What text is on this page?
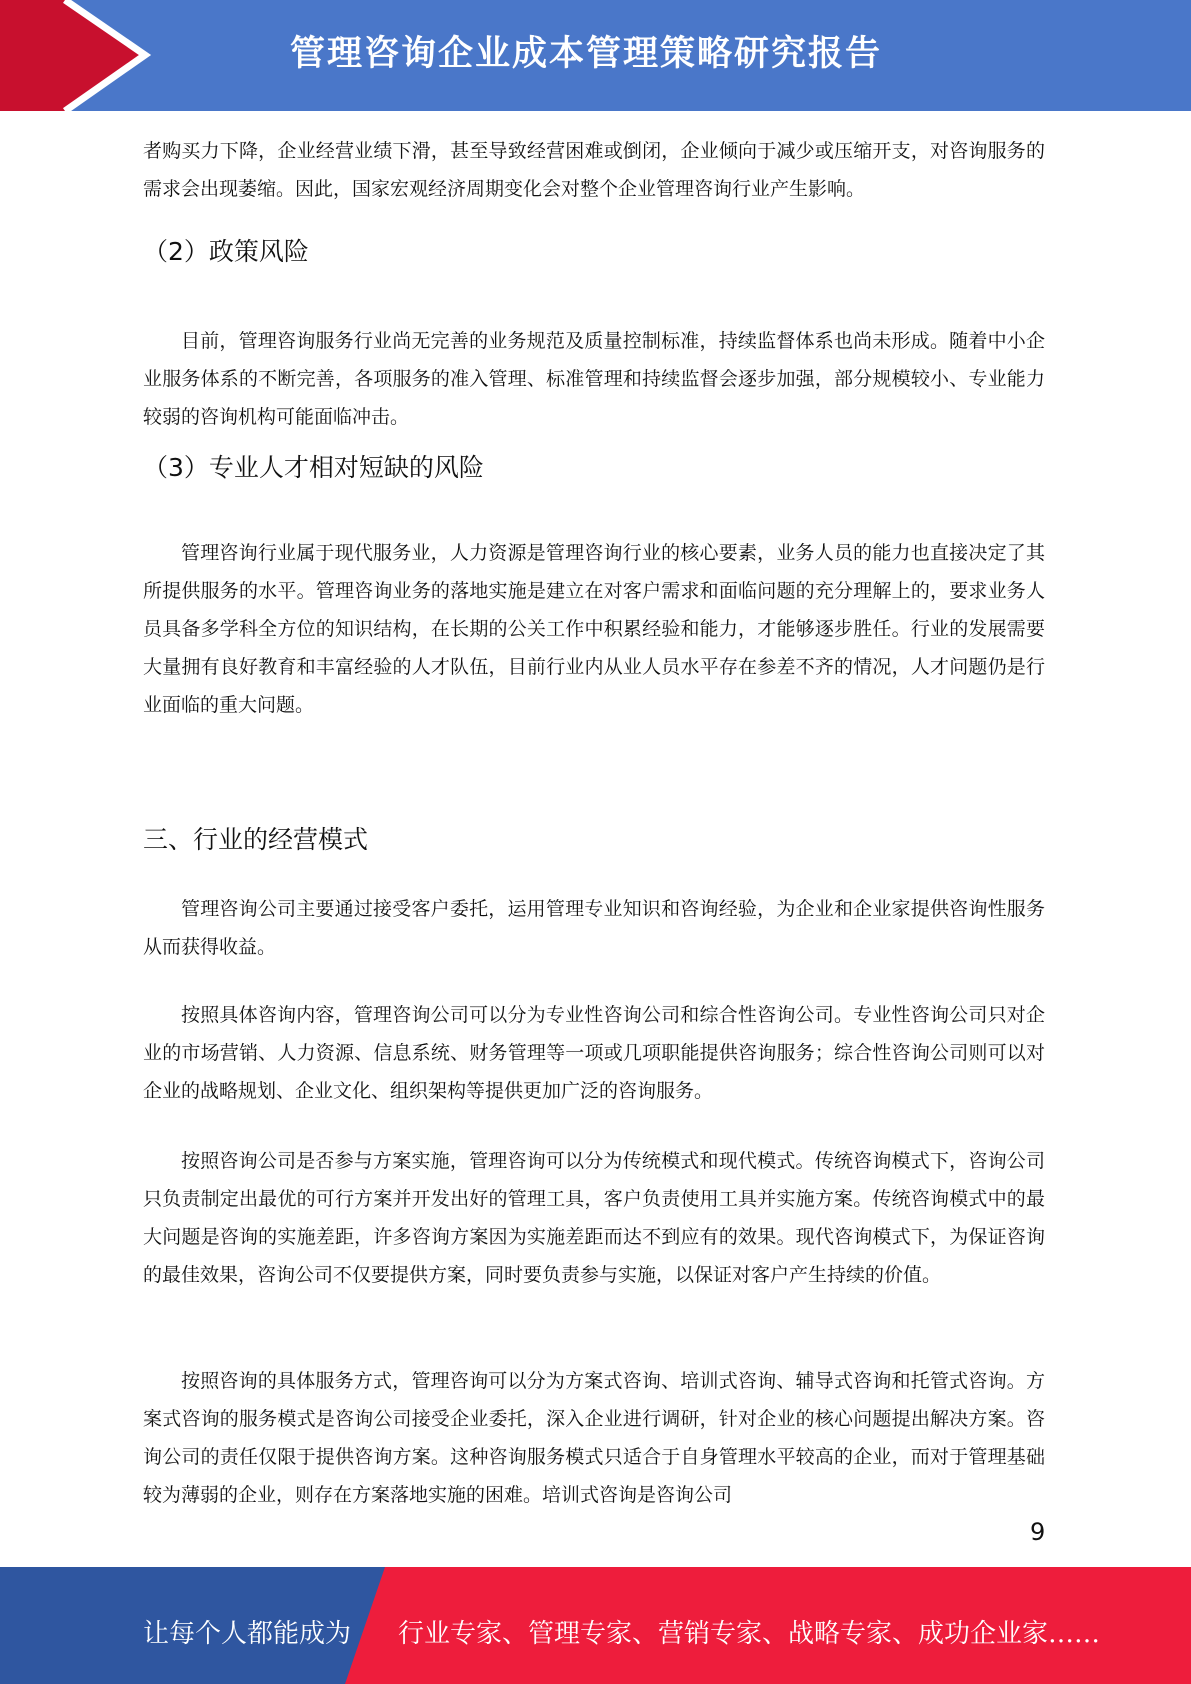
管理咨询企业成本管理策略研究报告

者购买力下降，企业经营业绩下滑，甚至导致经营困难或倒闭，企业倾向于减少或压缩开支，对咨询服务的需求会出现萎缩。因此，国家宏观经济周期变化会对整个企业管理咨询行业产生影响。

（2）政策风险

目前，管理咨询服务行业尚无完善的业务规范及质量控制标准，持续监督体系也尚未形成。随着中小企业服务体系的不断完善，各项服务的准入管理、标准管理和持续监督会逐步加强，部分规模较小、专业能力较弱的咨询机构可能面临冲击。

（3）专业人才相对短缺的风险

管理咨询行业属于现代服务业，人力资源是管理咨询行业的核心要素，业务人员的能力也直接决定了其所提供服务的水平。管理咨询业务的落地实施是建立在对客户需求和面临问题的充分理解上的，要求业务人员具备多学科全方位的知识结构，在长期的公关工作中积累经验和能力，才能够逐步胜任。行业的发展需要大量拥有良好教育和丰富经验的人才队伍，目前行业内从业人员水平存在参差不齐的情况，人才问题仍是行业面临的重大问题。

三、行业的经营模式

管理咨询公司主要通过接受客户委托，运用管理专业知识和咨询经验，为企业和企业家提供咨询性服务从而获得收益。

按照具体咨询内容，管理咨询公司可以分为专业性咨询公司和综合性咨询公司。专业性咨询公司只对企业的市场营销、人力资源、信息系统、财务管理等一项或几项职能提供咨询服务；综合性咨询公司则可以对企业的战略规划、企业文化、组织架构等提供更加广泛的咨询服务。

按照咨询公司是否参与方案实施，管理咨询可以分为传统模式和现代模式。传统咨询模式下，咨询公司只负责制定出最优的可行方案并开发出好的管理工具，客户负责使用工具并实施方案。传统咨询模式中的最大问题是咨询的实施差距，许多咨询方案因为实施差距而达不到应有的效果。现代咨询模式下，为保证咨询的最佳效果，咨询公司不仅要提供方案，同时要负责参与实施，以保证对客户产生持续的价值。

按照咨询的具体服务方式，管理咨询可以分为方案式咨询、培训式咨询、辅导式咨询和托管式咨询。方案式咨询的服务模式是咨询公司接受企业委托，深入企业进行调研，针对企业的核心问题提出解决方案。咨询公司的责任仅限于提供咨询方案。这种咨询服务模式只适合于自身管理水平较高的企业，而对于管理基础较为薄弱的企业，则存在方案落地实施的困难。培训式咨询是咨询公司

9
让每个人都能成为 行业专家、管理专家、营销专家、战略专家、成功企业家……
